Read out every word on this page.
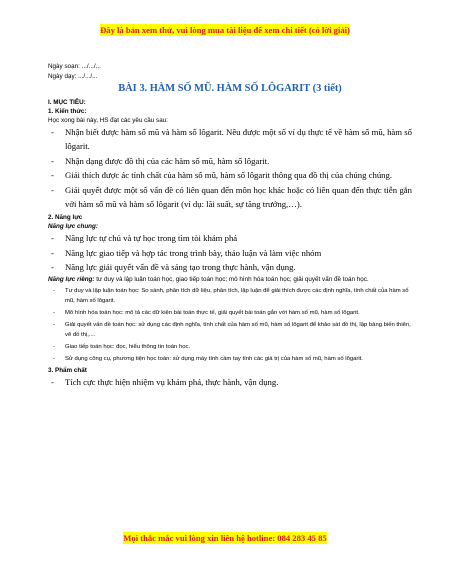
Đây là bản xem thử, vui lòng mua tài liệu để xem chi tiết (có lời giải)
Ngày soạn: .../.../...
Ngày dạy: .../.../...
BÀI 3. HÀM SỐ MŨ. HÀM SỐ LÔGARIT (3 tiết)
I. MỤC TIÊU:
1. Kiến thức:
Học xong bài này, HS đạt các yêu cầu sau:
- Nhận biết được hàm số mũ và hàm số lôgarit. Nêu được một số ví dụ thực tế về hàm số mũ, hàm số lôgarit.
- Nhận dạng được đồ thị của các hàm số mũ, hàm số lôgarit.
- Giải thích được ác tính chất của hàm số mũ, hàm số lôgarit thông qua đồ thị của chúng chúng.
- Giải quyết được một số vấn đề có liên quan đến môn học khác hoặc có liên quan đến thực tiễn gắn với hàm số mũ và hàm số lôgarit (ví dụ: lãi suất, sự tăng trưởng,…).
2. Năng lực
Năng lực chung:
- Năng lực tự chủ và tự học trong tìm tòi khám phá
- Năng lực giao tiếp và hợp tác trong trình bày, thảo luận và làm việc nhóm
- Năng lực giải quyết vấn đề và sáng tạo trong thực hành, vận dụng.
Năng lực riêng: tư duy và lập luận toán học, giao tiếp toán học; mô hình hóa toán học; giải quyết vấn đề toán học.
- Tư duy và lập luận toán học: So sánh, phân tích dữ liệu, phân tích, lập luận để giải thích được các định nghĩa, tính chất của hàm số mũ, hàm số lôgarit.
- Mô hình hóa toán học: mô tả các dữ kiện bài toán thực tế, giải quyết bài toán gắn với hàm số mũ, hàm số lôgarit.
- Giải quyết vấn đề toán học: sử dụng các định nghĩa, tính chất của hàm số mũ, hàm số lôgarit để khảo sát đồ thị, lập bảng biến thiên, vẽ đồ thị,....
- Giao tiếp toán học: đọc, hiểu thông tin toán học.
- Sử dụng công cụ, phương tiện học toán: sử dụng máy tính cầm tay tính các giá trị của hàm số mũ, hàm số lôgarit.
3. Phẩm chất
- Tích cực thực hiện nhiệm vụ khám phá, thực hành, vận dụng.
Mọi thắc mắc vui lòng xin liên hệ hotline: 084 283 45 85
